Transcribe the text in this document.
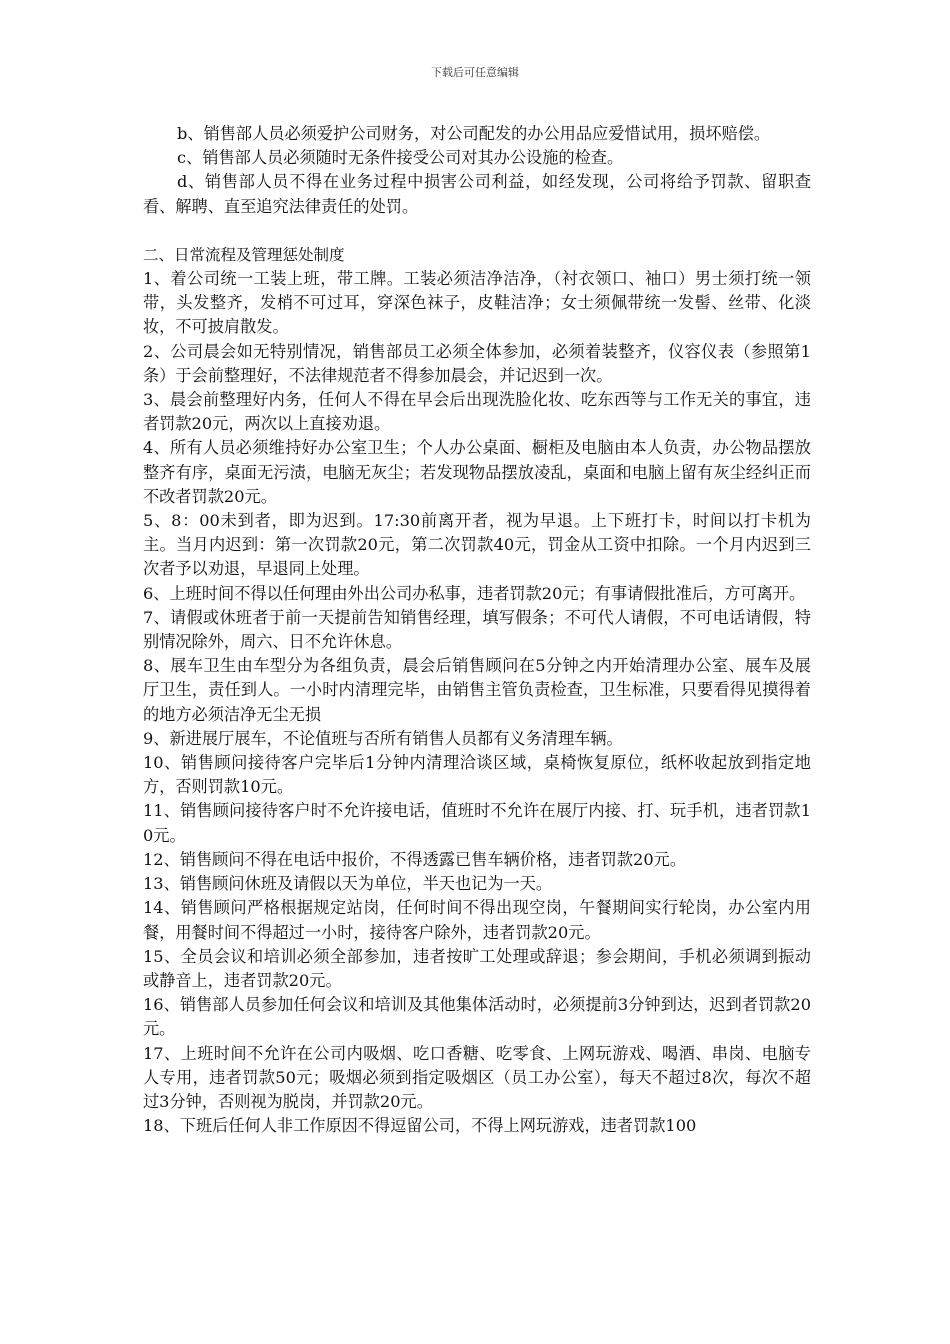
下载后可任意编辑

b、销售部人员必须爱护公司财务，对公司配发的办公用品应爱惜试用，损坏赔偿。

c、销售部人员必须随时无条件接受公司对其办公设施的检查。

d、销售部人员不得在业务过程中损害公司利益，如经发现，公司将给予罚款、留职查看、解聘、直至追究法律责任的处罚。

二、日常流程及管理惩处制度

1、着公司统一工装上班，带工牌。工装必须洁净洁净，（衬衣领口、袖口）男士须打统一领带，头发整齐，发梢不可过耳，穿深色袜子，皮鞋洁净；女士须佩带统一发髻、丝带、化淡妆，不可披肩散发。

2、公司晨会如无特别情况，销售部员工必须全体参加，必须着装整齐，仪容仪表（参照第1条）于会前整理好，不法律规范者不得参加晨会，并记迟到一次。

3、晨会前整理好内务，任何人不得在早会后出现洗脸化妆、吃东西等与工作无关的事宜，违者罚款20元，两次以上直接劝退。

4、所有人员必须维持好办公室卫生；个人办公桌面、橱柜及电脑由本人负责，办公物品摆放整齐有序，桌面无污渍，电脑无灰尘；若发现物品摆放凌乱，桌面和电脑上留有灰尘经纠正而不改者罚款20元。

5、8：00未到者，即为迟到。17:30前离开者，视为早退。上下班打卡，时间以打卡机为主。当月内迟到：第一次罚款20元，第二次罚款40元，罚金从工资中扣除。一个月内迟到三次者予以劝退，早退同上处理。

6、上班时间不得以任何理由外出公司办私事，违者罚款20元；有事请假批准后，方可离开。

7、请假或休班者于前一天提前告知销售经理，填写假条；不可代人请假，不可电话请假，特别情况除外，周六、日不允许休息。

8、展车卫生由车型分为各组负责，晨会后销售顾问在5分钟之内开始清理办公室、展车及展厅卫生，责任到人。一小时内清理完毕，由销售主管负责检查，卫生标准，只要看得见摸得着的地方必须洁净无尘无损

9、新进展厅展车，不论值班与否所有销售人员都有义务清理车辆。

10、销售顾问接待客户完毕后1分钟内清理洽谈区域，桌椅恢复原位，纸杯收起放到指定地方，否则罚款10元。

11、销售顾问接待客户时不允许接电话，值班时不允许在展厅内接、打、玩手机，违者罚款10元。

12、销售顾问不得在电话中报价，不得透露已售车辆价格，违者罚款20元。

13、销售顾问休班及请假以天为单位，半天也记为一天。

14、销售顾问严格根据规定站岗，任何时间不得出现空岗，午餐期间实行轮岗，办公室内用餐，用餐时间不得超过一小时，接待客户除外，违者罚款20元。

15、全员会议和培训必须全部参加，违者按旷工处理或辞退；参会期间，手机必须调到振动或静音上，违者罚款20元。

16、销售部人员参加任何会议和培训及其他集体活动时，必须提前3分钟到达，迟到者罚款20元。

17、上班时间不允许在公司内吸烟、吃口香糖、吃零食、上网玩游戏、喝酒、串岗、电脑专人专用，违者罚款50元；吸烟必须到指定吸烟区（员工办公室），每天不超过8次，每次不超过3分钟，否则视为脱岗，并罚款20元。

18、下班后任何人非工作原因不得逗留公司，不得上网玩游戏，违者罚款100
